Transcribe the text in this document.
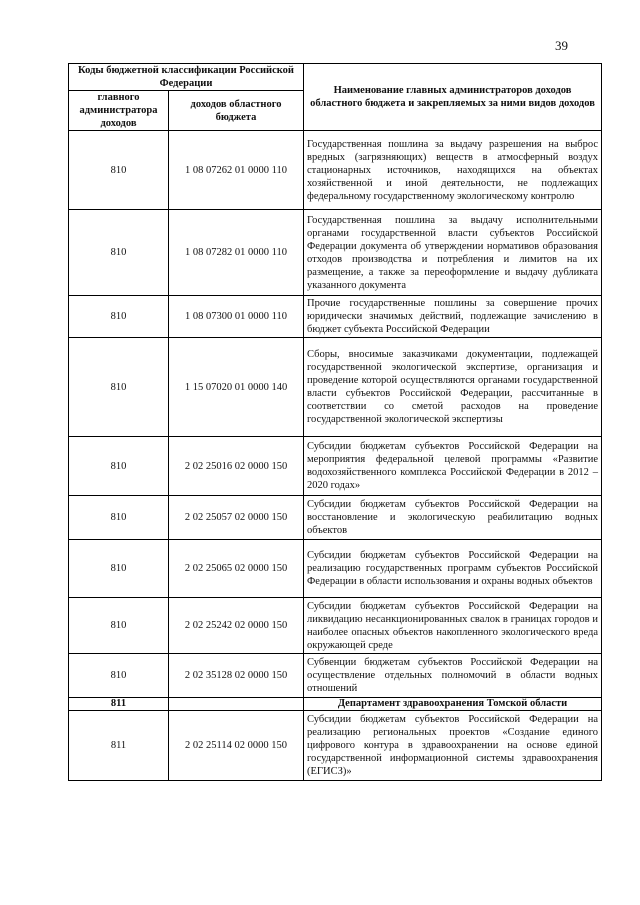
39
Коды бюджетной классификации Российской Федерации		Наименование главных администраторов доходов областного бюджета и закрепляемых за ними видов доходов
главного администратора доходов	доходов областного бюджета	
810	1 08 07262 01 0000 110	Государственная пошлина за выдачу разрешения на выброс вредных (загрязняющих) веществ в атмосферный воздух стационарных источников, находящихся на объектах хозяйственной и иной деятельности, не подлежащих федеральному государственному экологическому контролю
810	1 08 07282 01 0000 110	Государственная пошлина за выдачу исполнительными органами государственной власти субъектов Российской Федерации документа об утверждении нормативов образования отходов производства и потребления и лимитов на их размещение, а также за переоформление и выдачу дубликата указанного документа
810	1 08 07300 01 0000 110	Прочие государственные пошлины за совершение прочих юридически значимых действий, подлежащие зачислению в бюджет субъекта Российской Федерации
810	1 15 07020 01 0000 140	Сборы, вносимые заказчиками документации, подлежащей государственной экологической экспертизе, организация и проведение которой осуществляются органами государственной власти субъектов Российской Федерации, рассчитанные в соответствии со сметой расходов на проведение государственной экологической экспертизы
810	2 02 25016 02 0000 150	Субсидии бюджетам субъектов Российской Федерации на мероприятия федеральной целевой программы «Развитие водохозяйственного комплекса Российской Федерации в 2012 – 2020 годах»
810	2 02 25057 02 0000 150	Субсидии бюджетам субъектов Российской Федерации на восстановление и экологическую реабилитацию водных объектов
810	2 02 25065 02 0000 150	Субсидии бюджетам субъектов Российской Федерации на реализацию государственных программ субъектов Российской Федерации в области использования и охраны водных объектов
810	2 02 25242 02 0000 150	Субсидии бюджетам субъектов Российской Федерации на ликвидацию несанкционированных свалок в границах городов и наиболее опасных объектов накопленного экологического вреда окружающей среде
810	2 02 35128 02 0000 150	Субвенции бюджетам субъектов Российской Федерации на осуществление отдельных полномочий в области водных отношений
811		Департамент здравоохранения Томской области
811	2 02 25114 02 0000 150	Субсидии бюджетам субъектов Российской Федерации на реализацию региональных проектов «Создание единого цифрового контура в здравоохранении на основе единой государственной информационной системы здравоохранения (ЕГИСЗ)»
